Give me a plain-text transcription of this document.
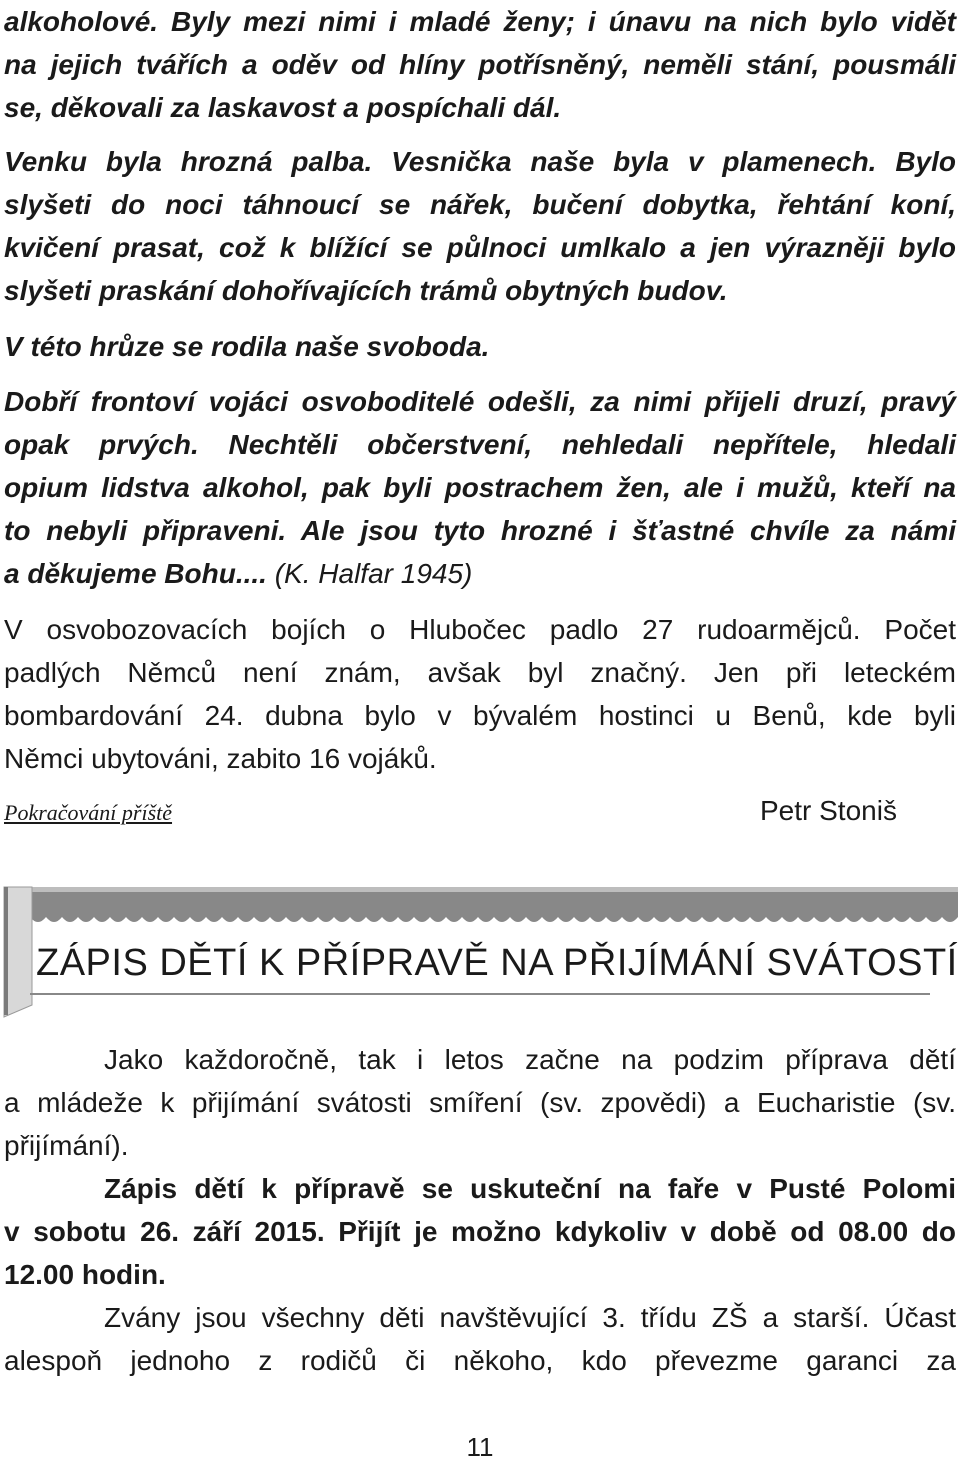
alkoholové. Byly mezi nimi i mladé ženy; i únavu na nich bylo vidět
na jejich tvářích a oděv od hlíny potřísněný, neměli stání, pousmáli
se, děkovali za laskavost a pospíchali dál.
Venku byla hrozná palba. Vesnička naše byla v plamenech. Bylo
slyšeti do noci táhnoucí se nářek, bučení dobytka, řehtání koní,
kvičení prasat, což k blížící se půlnoci umlkalo a jen výrazněji bylo
slyšeti praskání dohořívajících trámů obytných budov.
V této hrůze se rodila naše svoboda.
Dobří frontoví vojáci osvoboditelé odešli, za nimi přijeli druzí, pravý
opak prvých. Nechtěli občerstvení, nehledali nepřítele, hledali
opium lidstva alkohol, pak byli postrachem žen, ale i mužů, kteří na
to nebyli připraveni. Ale jsou tyto hrozné i šťastné chvíle za námi
a děkujeme Bohu.... (K. Halfar 1945)
V osvobozovacích bojích o Hlubočec padlo 27 rudoarmějců. Počet
padlých Němců není znám, avšak byl značný. Jen při leteckém
bombardování 24. dubna bylo v bývalém hostinci u Benů, kde byli
Němci ubytováni, zabito 16 vojáků.
Pokračování příště	Petr Stoniš
ZÁPIS DĚTÍ K PŘÍPRAVĚ NA PŘIJÍMÁNÍ SVÁTOSTÍ
Jako každoročně, tak i letos začne na podzim příprava dětí
a mládeže k přijímání svátosti smíření (sv. zpovědi) a Eucharistie (sv.
přijímání).
Zápis dětí k přípravě se uskuteční na faře v Pusté Polomi
v sobotu 26. září 2015. Přijít je možno kdykoliv v době od 08.00 do
12.00 hodin.
Zvány jsou všechny děti navštěvující 3. třídu ZŠ a starší. Účast
alespoň jednoho z rodičů či někoho, kdo převezme garanci za
11
